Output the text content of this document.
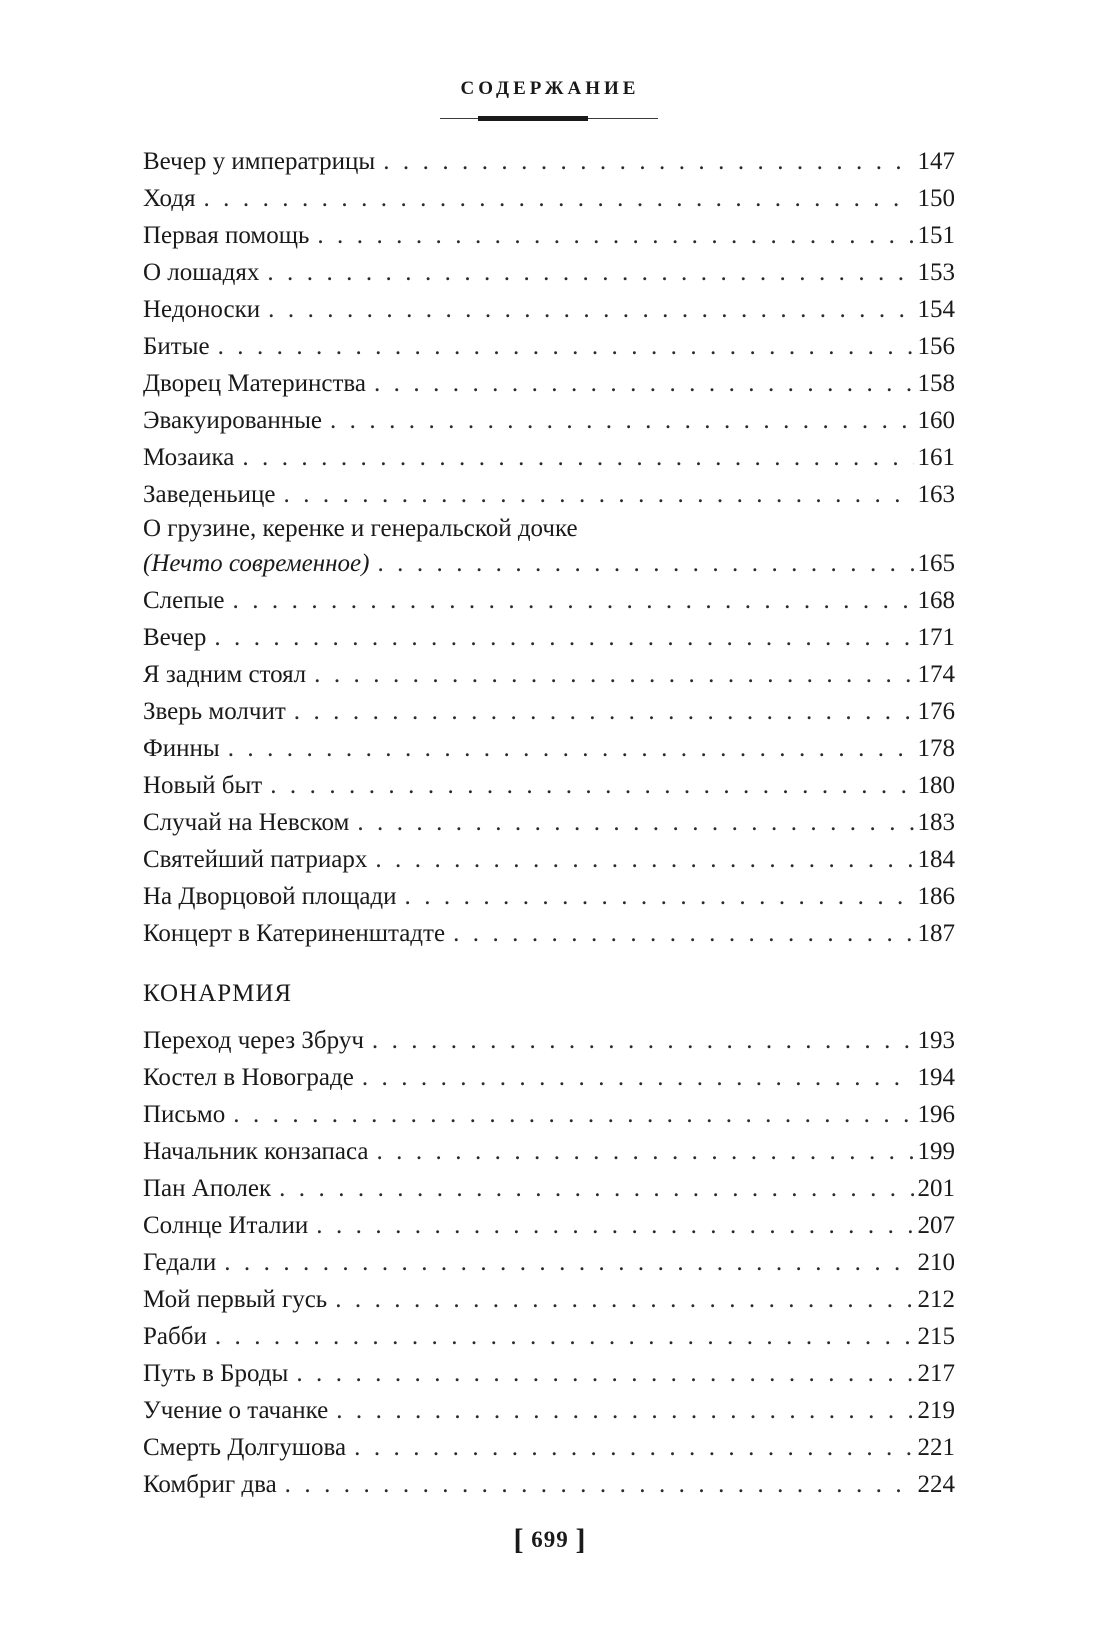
СОДЕРЖАНИЕ
Вечер у императрицы . . .	147
Ходя . . .	150
Первая помощь . . .	151
О лошадях . . .	153
Недоноски . . .	154
Битые . . .	156
Дворец Материнства . . .	158
Эвакуированные . . .	160
Мозаика . . .	161
Заведеньице . . .	163
О грузине, керенке и генеральской дочке
(Нечто современное) . . .	165
Слепые . . .	168
Вечер . . .	171
Я задним стоял . . .	174
Зверь молчит . . .	176
Финны . . .	178
Новый быт . . .	180
Случай на Невском . . .	183
Святейший патриарх . . .	184
На Дворцовой площади . . .	186
Концерт в Катериненштадте . . .	187
КОНАРМИЯ
Переход через Збруч . . .	193
Костел в Новограде . . .	194
Письмо . . .	196
Начальник конзапаса . . .	199
Пан Аполек . . .	201
Солнце Италии . . .	207
Гедали . . .	210
Мой первый гусь . . .	212
Рабби . . .	215
Путь в Броды . . .	217
Учение о тачанке . . .	219
Смерть Долгушова . . .	221
Комбриг два . . .	224
[ 699 ]
